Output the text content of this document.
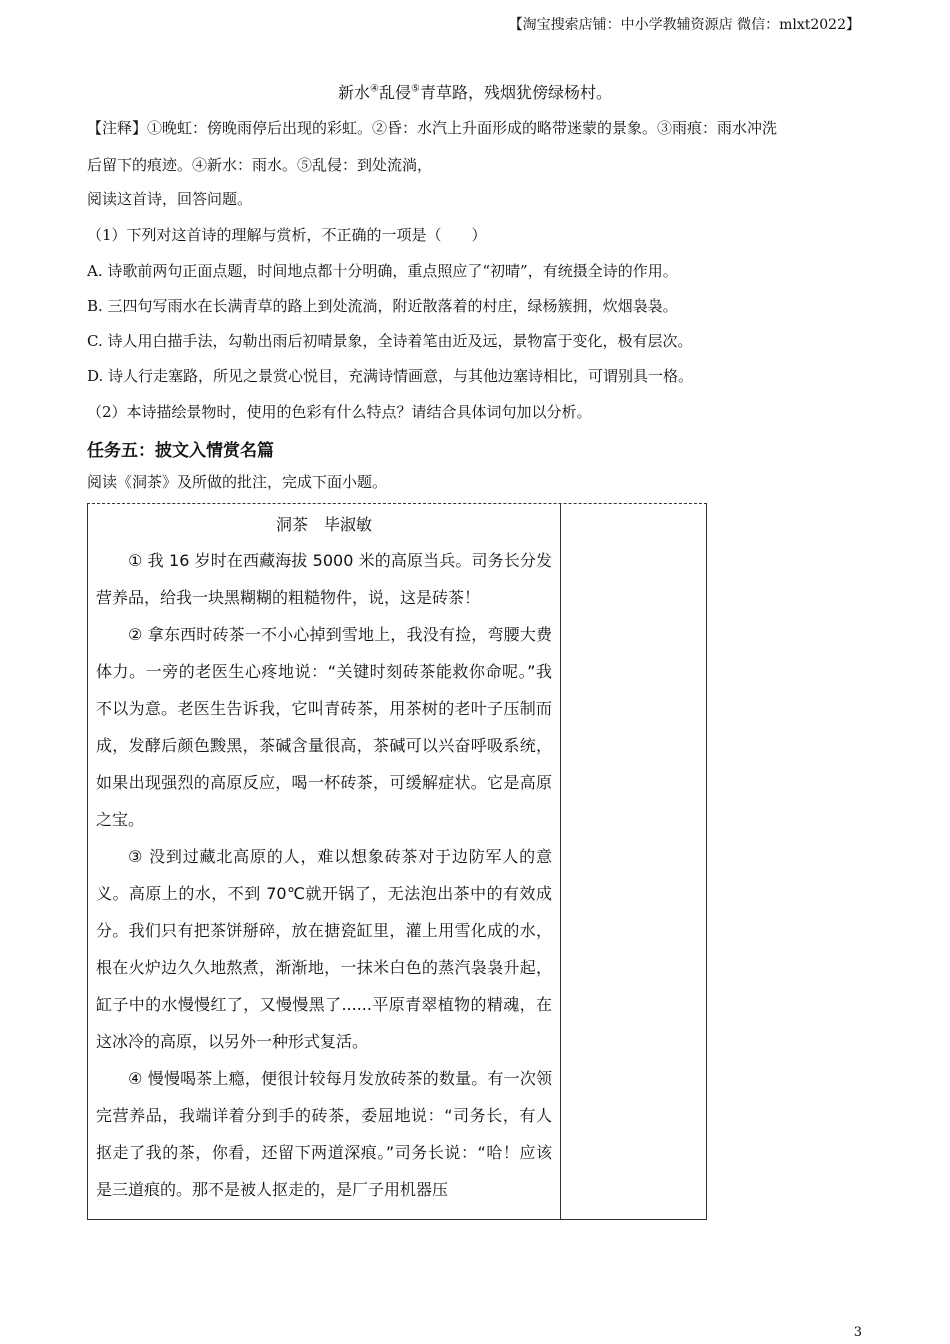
【淘宝搜索店铺：中小学教辅资源店 微信：mlxt2022】
新水④乱侵⑤青草路，残烟犹傍绿杨村。
【注释】①晚虹：傍晚雨停后出现的彩虹。②昏：水汽上升面形成的略带迷蒙的景象。③雨痕：雨水冲洗
后留下的痕迹。④新水：雨水。⑤乱侵：到处流淌，
阅读这首诗，回答问题。
（1）下列对这首诗的理解与赏析，不正确的一项是（　　）
A. 诗歌前两句正面点题，时间地点都十分明确，重点照应了“初晴”，有统摄全诗的作用。
B. 三四句写雨水在长满青草的路上到处流淌，附近散落着的村庄，绿杨簇拥，炊烟袅袅。
C. 诗人用白描手法，勾勒出雨后初晴景象，全诗着笔由近及远，景物富于变化，极有层次。
D. 诗人行走塞路，所见之景赏心悦目，充满诗情画意，与其他边塞诗相比，可谓别具一格。
（2）本诗描绘景物时，使用的色彩有什么特点？请结合具体词句加以分析。
任务五：披文入情赏名篇
阅读《洞茶》及所做的批注，完成下面小题。
洞茶　毕淑敏

① 我 16 岁时在西藏海拔 5000 米的高原当兵。司务长分发营养品，给我一块黑糊糊的粗糙物件，说，这是砖茶！

② 拿东西时砖茶一不小心掉到雪地上，我没有捡，弯腰大费体力。一旁的老医生心疼地说：“关键时刻砖茶能救你命呢。”我不以为意。老医生告诉我，它叫青砖茶，用茶树的老叶子压制而成，发酵后颜色黢黑，茶碱含量很高，茶碱可以兴奋呼吸系统，如果出现强烈的高原反应，喝一杯砖茶，可缓解症状。它是高原之宝。

③ 没到过藏北高原的人，难以想象砖茶对于边防军人的意义。高原上的水，不到 70℃就开锅了，无法泡出茶中的有效成分。我们只有把茶饼掰碎，放在搪瓷缸里，灌上用雪化成的水，根在火炉边久久地熬煮，渐渐地，一抹米白色的蒸汽袅袅升起，缸子中的水慢慢红了，又慢慢黑了......平原青翠植物的精魂，在这冰冷的高原，以另外一种形式复活。

④ 慢慢喝茶上瘾，便很计较每月发放砖茶的数量。有一次领完营养品，我端详着分到手的砖茶，委屈地说：“司务长，有人抠走了我的茶，你看，还留下两道深痕。”司务长说：“哈！应该是三道痕的。那不是被人抠走的，是厂子用机器压

3
